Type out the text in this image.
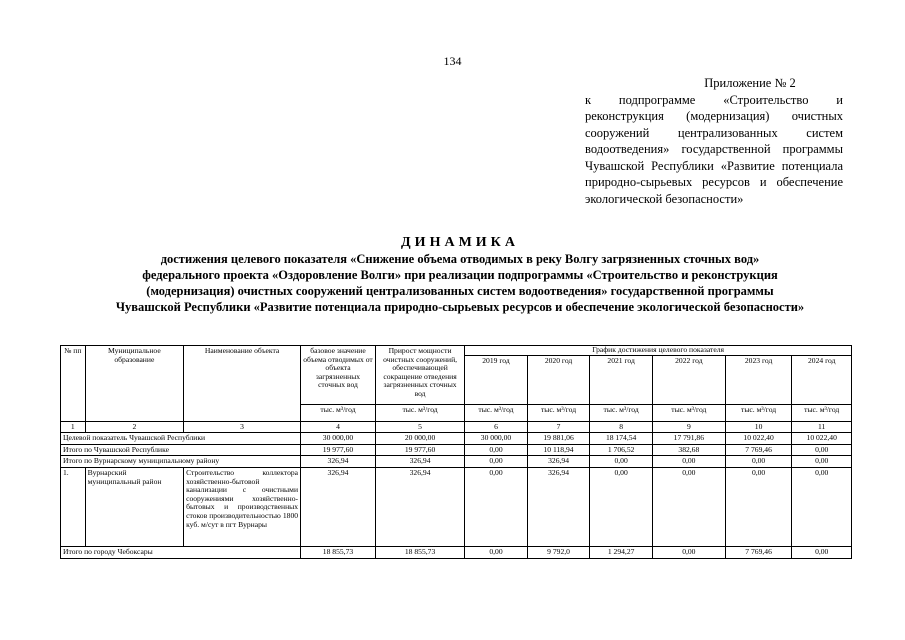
134
Приложение № 2
к подпрограмме «Строительство и реконструкция (модернизация) очистных сооружений централизованных систем водоотведения» государственной программы Чувашской Республики «Развитие потенциала природно-сырьевых ресурсов и обеспечение экологической безопасности»
ДИНАМИКА
достижения целевого показателя «Снижение объема отводимых в реку Волгу загрязненных сточных вод»
федерального проекта «Оздоровление Волги» при реализации подпрограммы «Строительство и реконструкция
(модернизация) очистных сооружений централизованных систем водоотведения» государственной программы
Чувашской Республики «Развитие потенциала природно-сырьевых ресурсов и обеспечение экологической безопасности»
№ пп	Муниципальное образование	Наименование объекта	базовое значение объема отводимых от объекта загрязненных сточных вод	Прирост мощности очистных сооружений, обеспечивающей сокращение отведения загрязненных сточных вод	График достижения целевого показателя					
					2019 год	2020 год	2021 год	2022 год	2023 год	2024 год
			тыс. м³/год	тыс. м³/год	тыс. м³/год	тыс. м³/год	тыс. м³/год	тыс. м³/год	тыс. м³/год	тыс. м³/год
1	2	3	4	5	6	7	8	9	10	11
Целевой показатель Чувашской Республики			30 000,00	20 000,00	30 000,00	19 881,06	18 174,54	17 791,86	10 022,40	10 022,40
Итого по Чувашской Республике			19 977,60	19 977,60	0,00	10 118,94	1 706,52	382,68	7 769,46	0,00
Итого по Вурнарскому муниципальному району			326,94	326,94	0,00	326,94	0,00	0,00	0,00	0,00
1.	Вурнарский муниципальный район	Строительство коллектора хозяйственно-бытовой канализации с очистными сооружениями хозяйственно-бытовых и производственных стоков производительностью 1800 куб. м/сут в пгт Вурнары	326,94	326,94	0,00	326,94	0,00	0,00	0,00	0,00
Итого по городу Чебоксары			18 855,73	18 855,73	0,00	9 792,0	1 294,27	0,00	7 769,46	0,00
